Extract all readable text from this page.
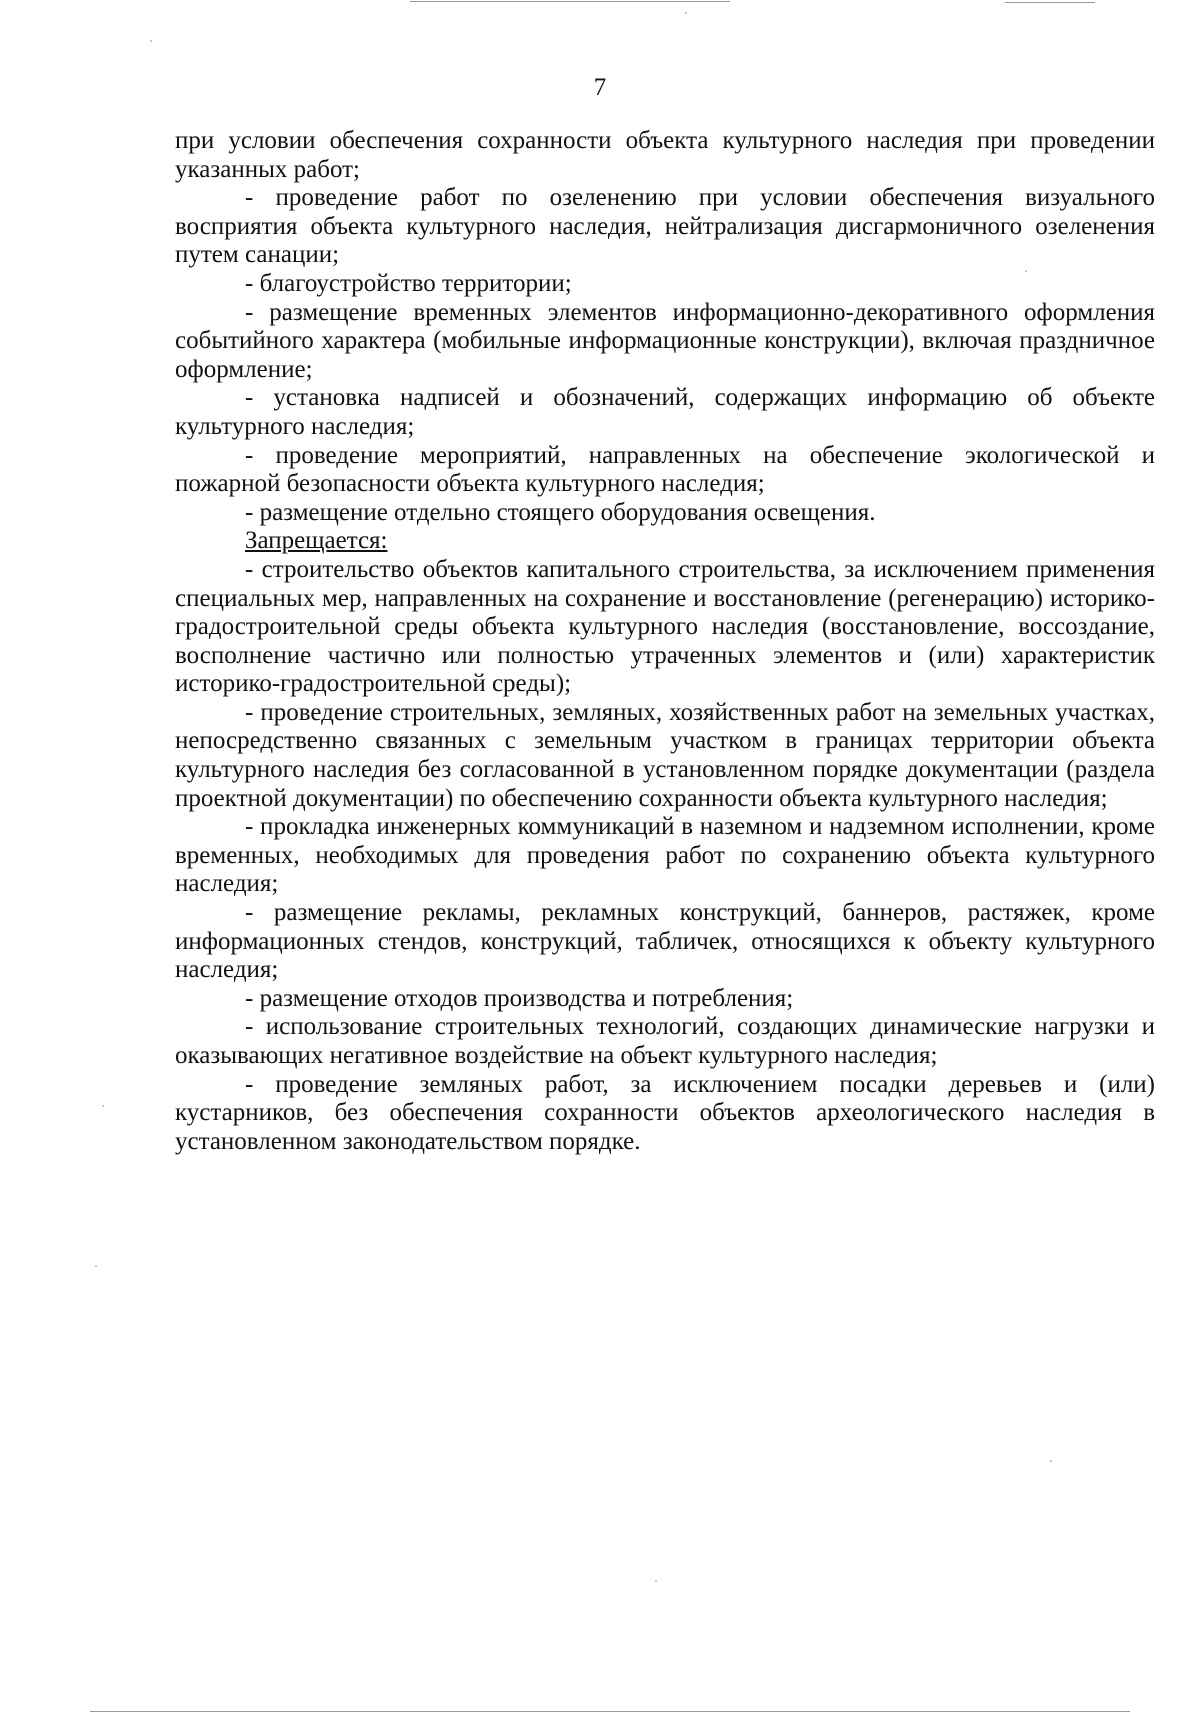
7

при условии обеспечения сохранности объекта культурного наследия при проведении указанных работ;

- проведение работ по озеленению при условии обеспечения визуального восприятия объекта культурного наследия, нейтрализация дисгармоничного озеленения путем санации;

- благоустройство территории;

- размещение временных элементов информационно-декоративного оформления событийного характера (мобильные информационные конструкции), включая праздничное оформление;

- установка надписей и обозначений, содержащих информацию об объекте культурного наследия;

- проведение мероприятий, направленных на обеспечение экологической и пожарной безопасности объекта культурного наследия;

- размещение отдельно стоящего оборудования освещения.

Запрещается:

- строительство объектов капитального строительства, за исключением применения специальных мер, направленных на сохранение и восстановление (регенерацию) историко-градостроительной среды объекта культурного наследия (восстановление, воссоздание, восполнение частично или полностью утраченных элементов и (или) характеристик историко-градостроительной среды);

- проведение строительных, земляных, хозяйственных работ на земельных участках, непосредственно связанных с земельным участком в границах территории объекта культурного наследия без согласованной в установленном порядке документации (раздела проектной документации) по обеспечению сохранности объекта культурного наследия;

- прокладка инженерных коммуникаций в наземном и надземном исполнении, кроме временных, необходимых для проведения работ по сохранению объекта культурного наследия;

- размещение рекламы, рекламных конструкций, баннеров, растяжек, кроме информационных стендов, конструкций, табличек, относящихся к объекту культурного наследия;

- размещение отходов производства и потребления;

- использование строительных технологий, создающих динамические нагрузки и оказывающих негативное воздействие на объект культурного наследия;

- проведение земляных работ, за исключением посадки деревьев и (или) кустарников, без обеспечения сохранности объектов археологического наследия в установленном законодательством порядке.
